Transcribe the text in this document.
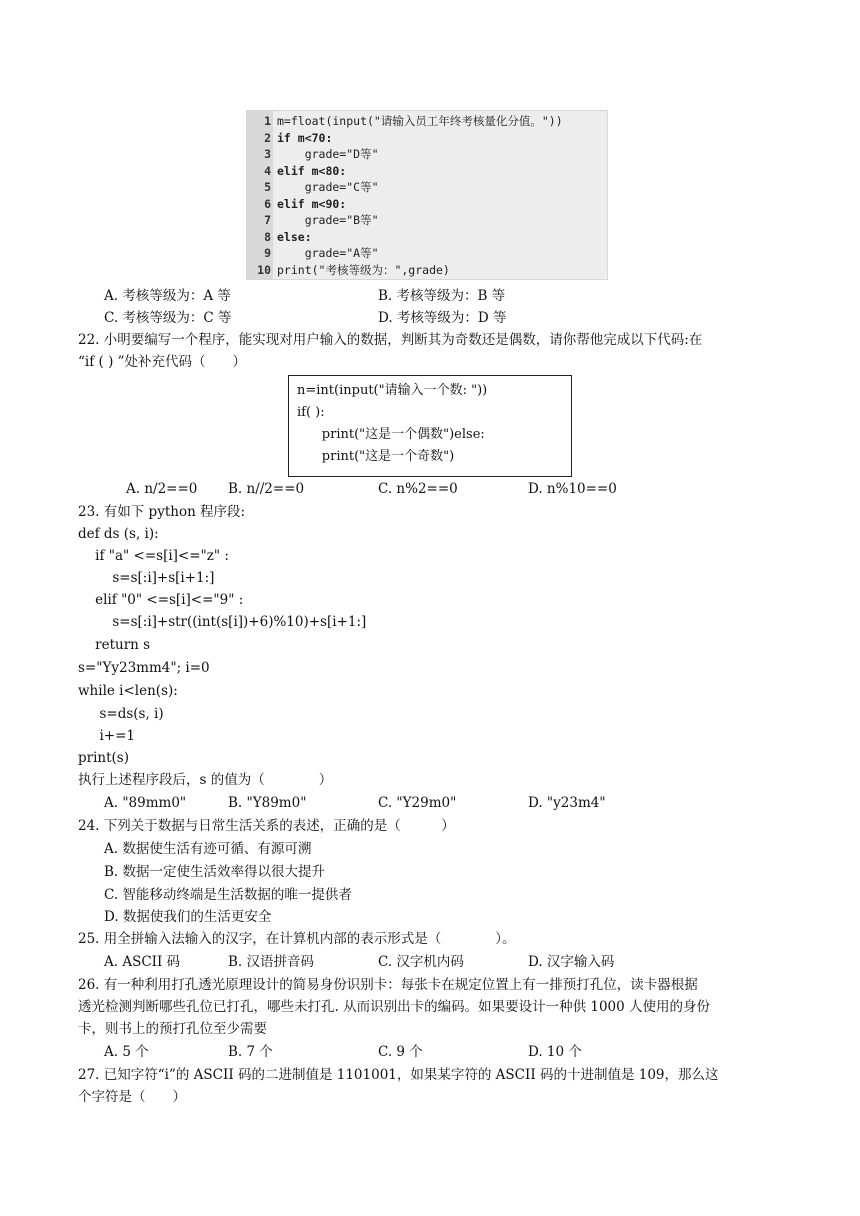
1 m=float(input("请输入员工年终考核量化分值。"))
2 if m<70:
3    grade="D等"
4 elif m<80:
5    grade="C等"
6 elif m<90:
7    grade="B等"
8 else:
9    grade="A等"
10 print("考核等级为：",grade)
A. 考核等级为：A 等	B. 考核等级为：B 等
C. 考核等级为：C 等	D. 考核等级为：D 等
22. 小明要编写一个程序，能实现对用户输入的数据，判断其为奇数还是偶数，请你帮他完成以下代码:在
“if ( ) ”处补充代码（　　）
n=int(input("请输入一个数: "))
if( ):
print("这是一个偶数")else:
print("这是一个奇数")
A. n/2==0 B. n//2==0	C. n%2==0	D. n%10==0
23. 有如下 python 程序段:
def ds (s, i):
if "a" <=s[i]<="z" :
s=s[:i]+s[i+1:]
elif "0" <=s[i]<="9" :
s=s[:i]+str((int(s[i])+6)%10)+s[i+1:]
return s
s="Yy23mm4"; i=0
while i<len(s):
s=ds(s, i)
i+=1
print(s)
执行上述程序段后，s 的值为（　　　　）
A. "89mm0"	B. "Y89m0"	C. "Y29m0"	D. "y23m4"
24. 下列关于数据与日常生活关系的表述，正确的是（　　　）
A. 数据使生活有迹可循、有源可溯
B. 数据一定使生活效率得以很大提升
C. 智能移动终端是生活数据的唯一提供者
D. 数据使我们的生活更安全
25. 用全拼输入法输入的汉字，在计算机内部的表示形式是（　　　　）。
A. ASCII 码	B. 汉语拼音码	C. 汉字机内码	D. 汉字输入码
26. 有一种利用打孔透光原理设计的简易身份识别卡：每张卡在规定位置上有一排预打孔位，读卡器根据
透光检测判断哪些孔位已打孔，哪些未打孔. 从而识别出卡的编码。如果要设计一种供 1000 人使用的身份
卡，则书上的预打孔位至少需要
A. 5 个	B. 7 个	C. 9 个	D. 10 个
27. 已知字符“i”的 ASCII 码的二进制值是 1101001，如果某字符的 ASCII 码的十进制值是 109，那么这
个字符是（　　）
